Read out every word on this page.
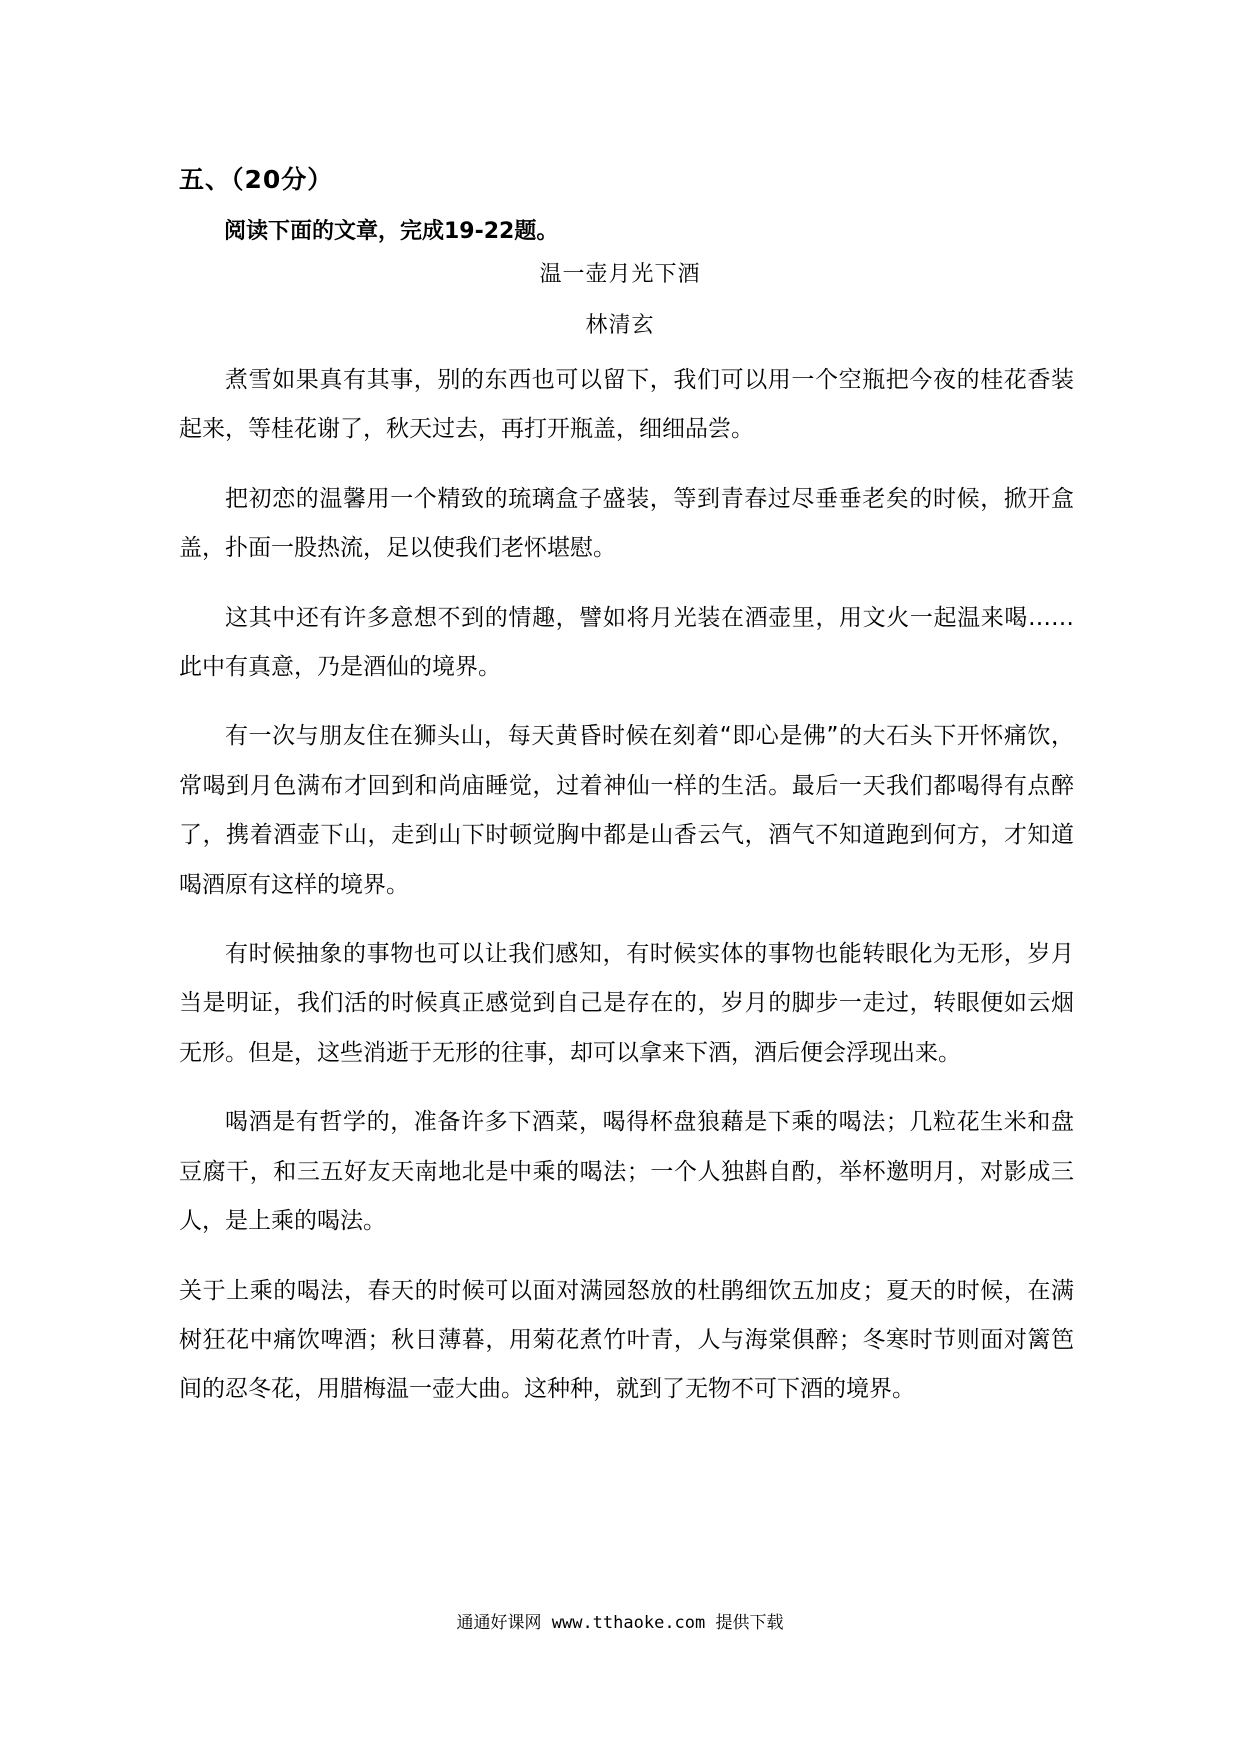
五、（20分）
阅读下面的文章，完成19-22题。
温一壶月光下酒
林清玄

煮雪如果真有其事，别的东西也可以留下，我们可以用一个空瓶把今夜的桂花香装起来，等桂花谢了，秋天过去，再打开瓶盖，细细品尝。

把初恋的温馨用一个精致的琉璃盒子盛装，等到青春过尽垂垂老矣的时候，掀开盒盖，扑面一股热流，足以使我们老怀堪慰。

这其中还有许多意想不到的情趣，譬如将月光装在酒壶里，用文火一起温来喝……此中有真意，乃是酒仙的境界。

有一次与朋友住在狮头山，每天黄昏时候在刻着“即心是佛”的大石头下开怀痛饮，常喝到月色满布才回到和尚庙睡觉，过着神仙一样的生活。最后一天我们都喝得有点醉了，携着酒壶下山，走到山下时顿觉胸中都是山香云气，酒气不知道跑到何方，才知道喝酒原有这样的境界。

有时候抽象的事物也可以让我们感知，有时候实体的事物也能转眼化为无形，岁月当是明证，我们活的时候真正感觉到自己是存在的，岁月的脚步一走过，转眼便如云烟无形。但是，这些消逝于无形的往事，却可以拿来下酒，酒后便会浮现出来。

喝酒是有哲学的，准备许多下酒菜，喝得杯盘狼藉是下乘的喝法；几粒花生米和盘豆腐干，和三五好友天南地北是中乘的喝法；一个人独斟自酌，举杯邀明月，对影成三人，是上乘的喝法。

关于上乘的喝法，春天的时候可以面对满园怒放的杜鹃细饮五加皮；夏天的时候，在满树狂花中痛饮啤酒；秋日薄暮，用菊花煮竹叶青，人与海棠俱醉；冬寒时节则面对篱笆间的忍冬花，用腊梅温一壶大曲。这种种，就到了无物不可下酒的境界。

通通好课网 www.tthaoke.com 提供下载
